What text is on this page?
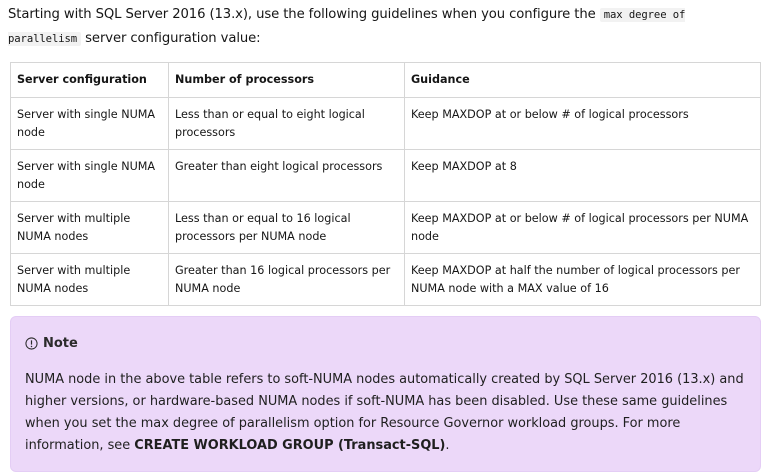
Starting with SQL Server 2016 (13.x), use the following guidelines when you configure the max degree of parallelism server configuration value:

Server configuration	Number of processors	Guidance
Server with single NUMA node	Less than or equal to eight logical processors	Keep MAXDOP at or below # of logical processors
Server with single NUMA node	Greater than eight logical processors	Keep MAXDOP at 8
Server with multiple NUMA nodes	Less than or equal to 16 logical processors per NUMA node	Keep MAXDOP at or below # of logical processors per NUMA node
Server with multiple NUMA nodes	Greater than 16 logical processors per NUMA node	Keep MAXDOP at half the number of logical processors per NUMA node with a MAX value of 16
Note
NUMA node in the above table refers to soft-NUMA nodes automatically created by SQL Server 2016 (13.x) and higher versions, or hardware-based NUMA nodes if soft-NUMA has been disabled. Use these same guidelines when you set the max degree of parallelism option for Resource Governor workload groups. For more information, see CREATE WORKLOAD GROUP (Transact-SQL).
